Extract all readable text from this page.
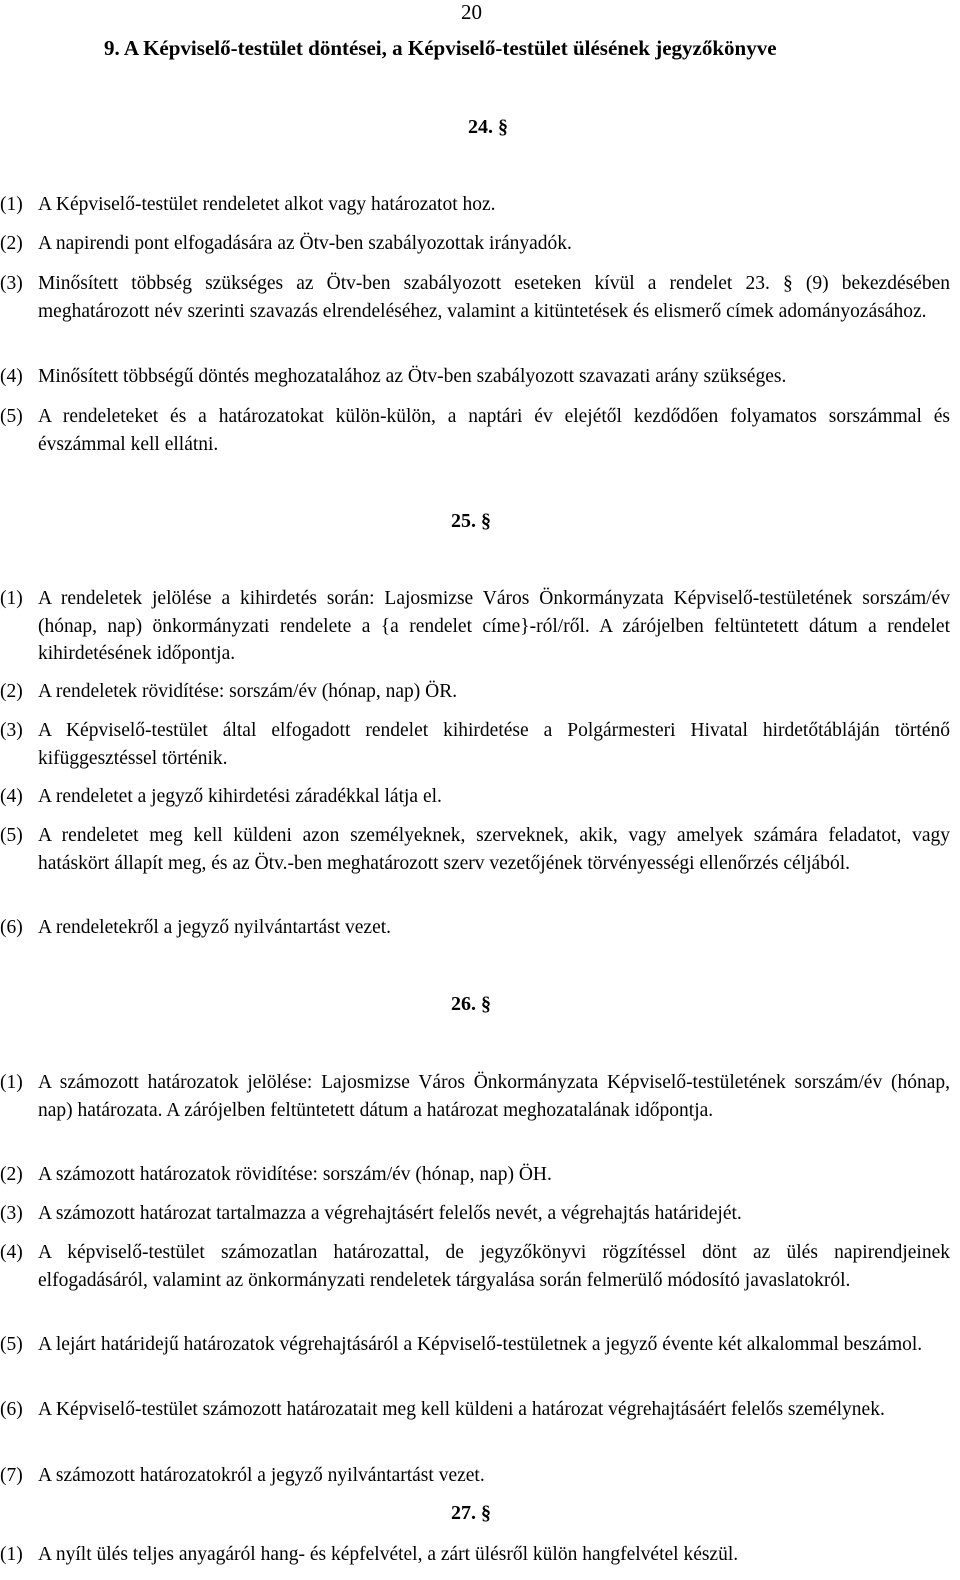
20
9. A Képviselő-testület döntései, a Képviselő-testület ülésének jegyzőkönyve
24. §
(1) A Képviselő-testület rendeletet alkot vagy határozatot hoz.
(2) A napirendi pont elfogadására az Ötv-ben szabályozottak irányadók.
(3) Minősített többség szükséges az Ötv-ben szabályozott eseteken kívül a rendelet 23. § (9) bekezdésében meghatározott név szerinti szavazás elrendeléséhez, valamint a kitüntetések és elismerő címek adományozásához.
(4) Minősített többségű döntés meghozatalához az Ötv-ben szabályozott szavazati arány szükséges.
(5) A rendeleteket és a határozatokat külön-külön, a naptári év elejétől kezdődően folyamatos sorszámmal és évszámmal kell ellátni.
25. §
(1) A rendeletek jelölése a kihirdetés során: Lajosmizse Város Önkormányzata Képviselő-testületének sorszám/év (hónap, nap) önkormányzati rendelete a {a rendelet címe}-ról/ről. A zárójelben feltüntetett dátum a rendelet kihirdetésének időpontja.
(2) A rendeletek rövidítése: sorszám/év (hónap, nap) ÖR.
(3) A Képviselő-testület által elfogadott rendelet kihirdetése a Polgármesteri Hivatal hirdetőtábláján történő kifüggesztéssel történik.
(4) A rendeletet a jegyző kihirdetési záradékkal látja el.
(5) A rendeletet meg kell küldeni azon személyeknek, szerveknek, akik, vagy amelyek számára feladatot, vagy hatáskört állapít meg, és az Ötv.-ben meghatározott szerv vezetőjének törvényességi ellenőrzés céljából.
(6) A rendeletekről a jegyző nyilvántartást vezet.
26. §
(1) A számozott határozatok jelölése: Lajosmizse Város Önkormányzata Képviselő-testületének sorszám/év (hónap, nap) határozata. A zárójelben feltüntetett dátum a határozat meghozatalának időpontja.
(2) A számozott határozatok rövidítése: sorszám/év (hónap, nap) ÖH.
(3) A számozott határozat tartalmazza a végrehajtásért felelős nevét, a végrehajtás határidejét.
(4) A képviselő-testület számozatlan határozattal, de jegyzőkönyvi rögzítéssel dönt az ülés napirendjeinek elfogadásáról, valamint az önkormányzati rendeletek tárgyalása során felmerülő módosító javaslatokról.
(5) A lejárt határidejű határozatok végrehajtásáról a Képviselő-testületnek a jegyző évente két alkalommal beszámol.
(6) A Képviselő-testület számozott határozatait meg kell küldeni a határozat végrehajtásáért felelős személynek.
(7) A számozott határozatokról a jegyző nyilvántartást vezet.
27. §
(1) A nyílt ülés teljes anyagáról hang- és képfelvétel, a zárt ülésről külön hangfelvétel készül.
